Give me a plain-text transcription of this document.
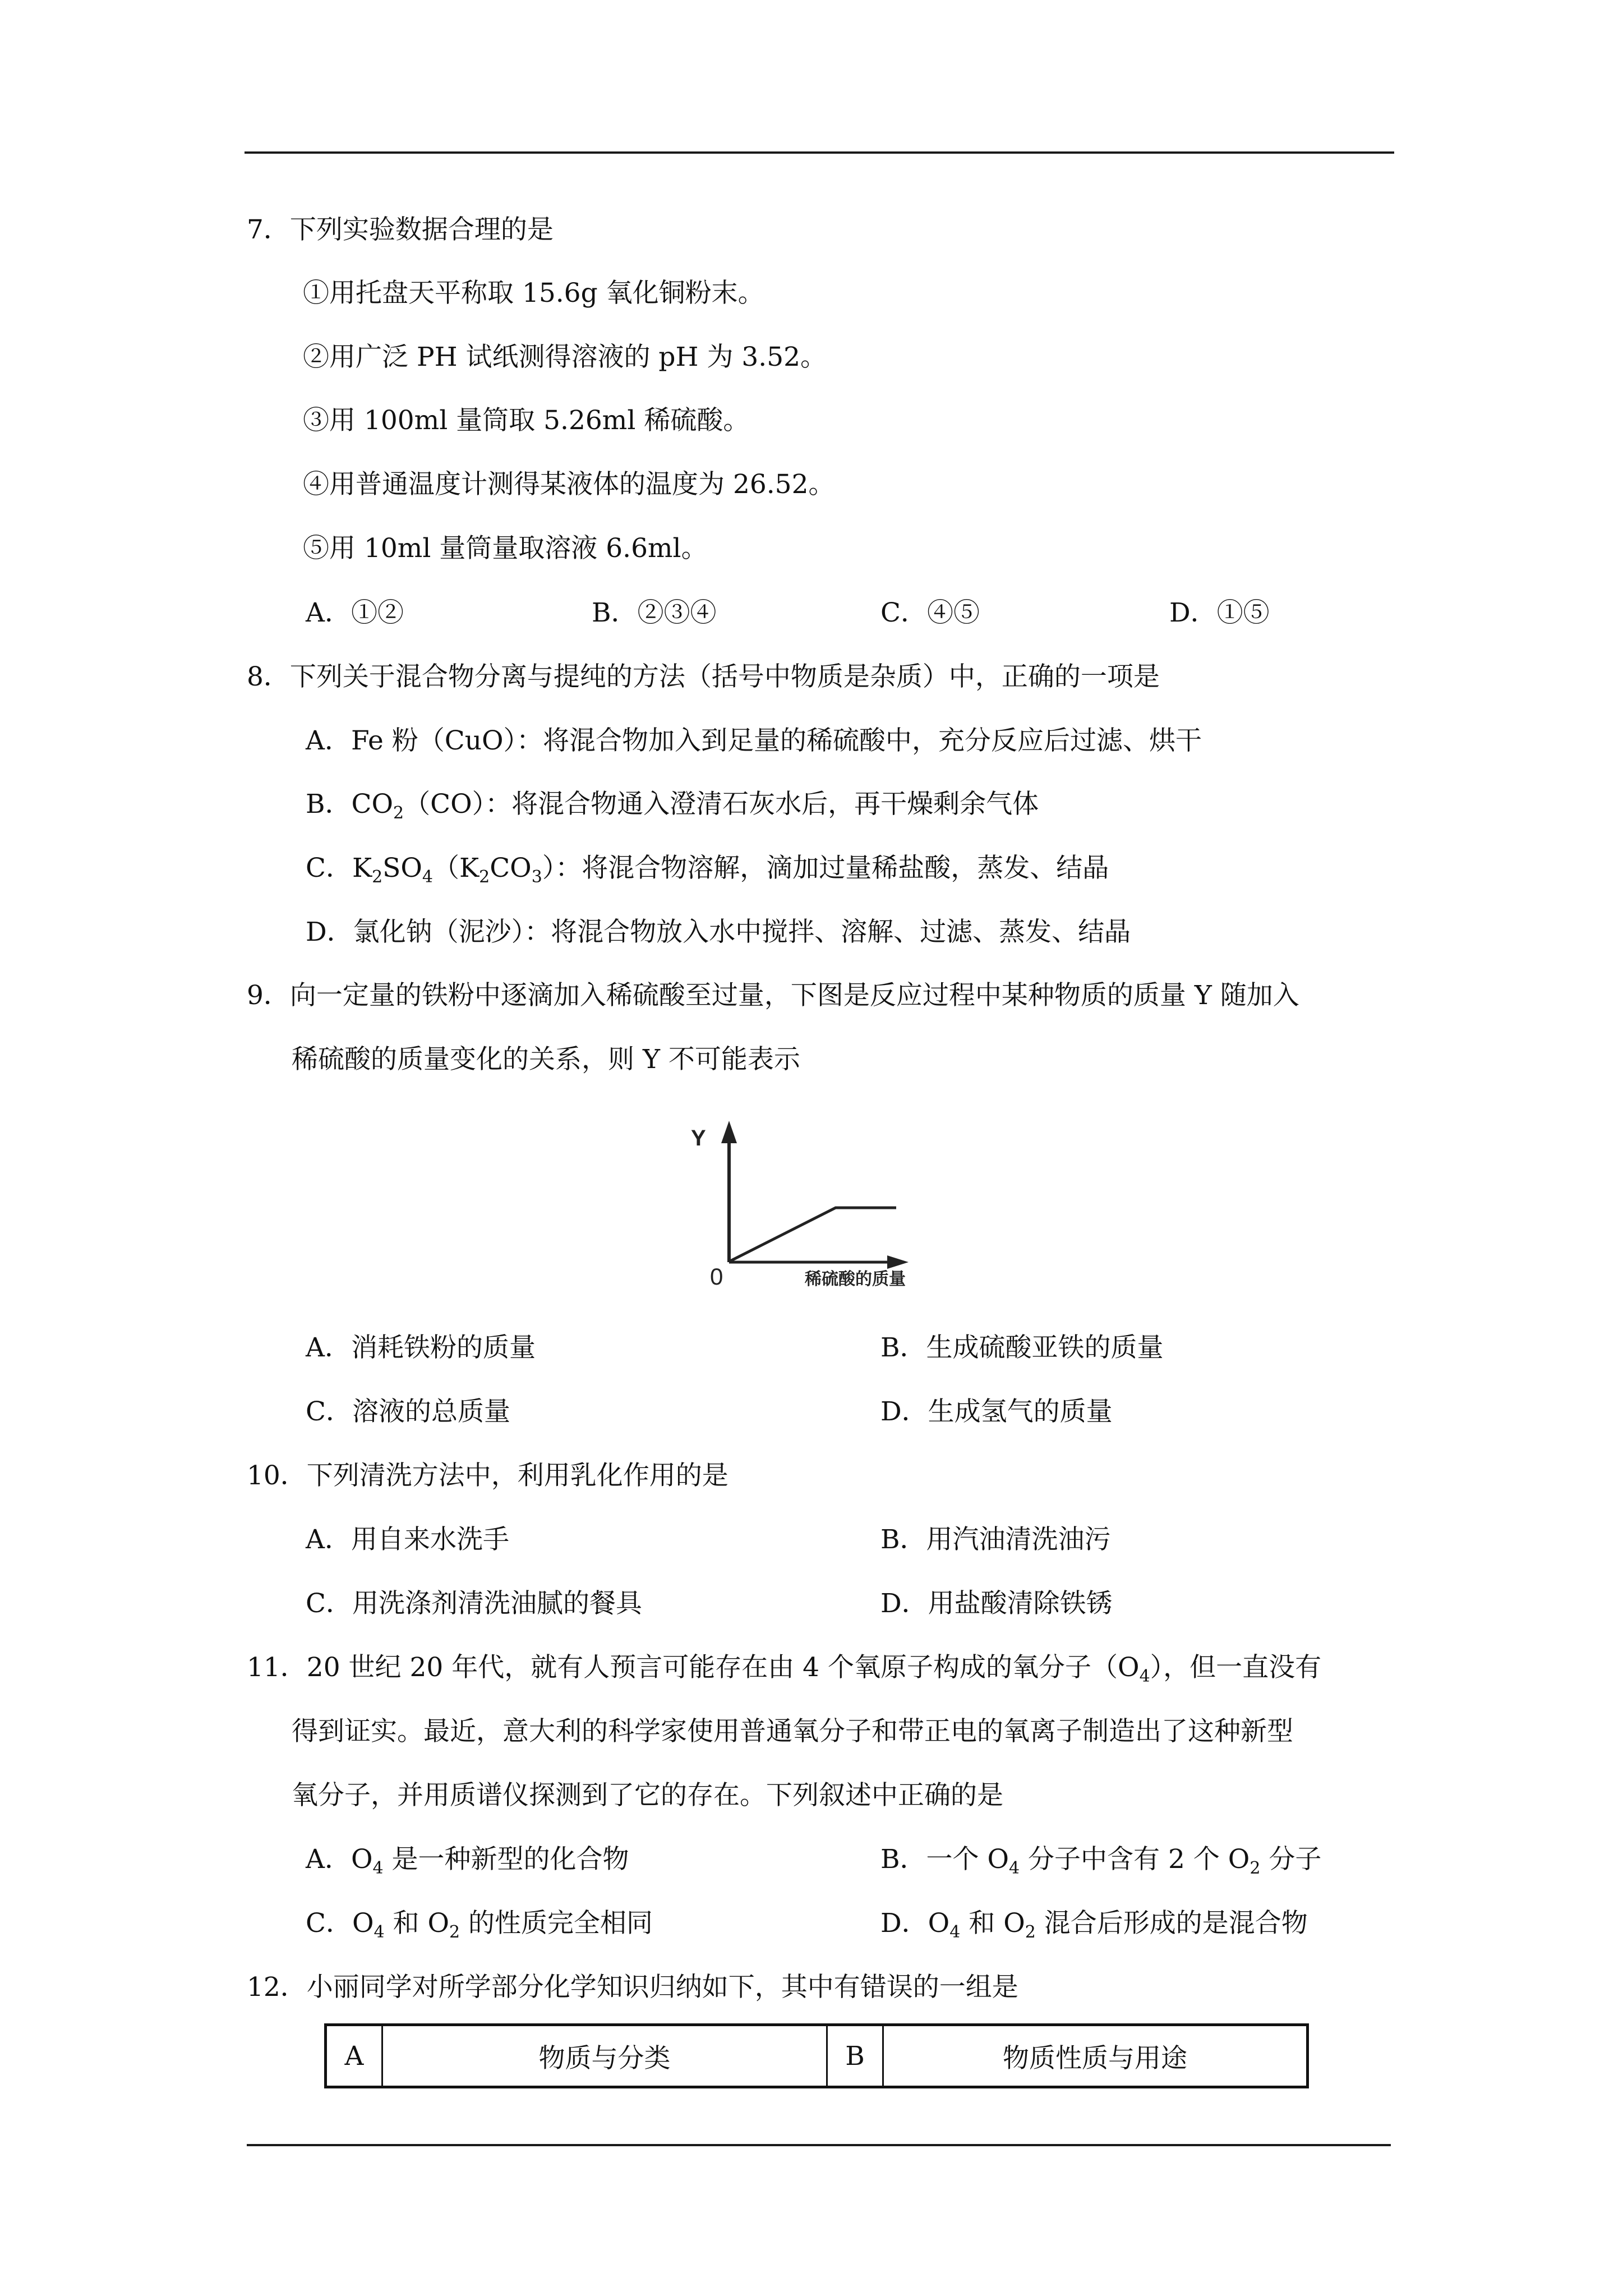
7．下列实验数据合理的是
①用托盘天平称取 15.6g 氧化铜粉末。
②用广泛 PH 试纸测得溶液的 pH 为 3.52。
③用 100ml 量筒取 5.26ml 稀硫酸。
④用普通温度计测得某液体的温度为 26.52。
⑤用 10ml 量筒量取溶液 6.6ml。
A．①②	B．②③④	C．④⑤	D．①⑤
8．下列关于混合物分离与提纯的方法（括号中物质是杂质）中，正确的一项是
A．Fe 粉（CuO）：将混合物加入到足量的稀硫酸中，充分反应后过滤、烘干
B．$CO_2(CO)$：将混合物通入澄清石灰水后，再干燥剩余气体
C．$K_2SO_4(K_2CO_3)$：将混合物溶解，滴加过量稀盐酸，蒸发、结晶
D．氯化钠（泥沙）：将混合物放入水中搅拌、溶解、过滤、蒸发、结晶
9．向一定量的铁粉中逐滴加入稀硫酸至过量，下图是反应过程中某种物质的质量 Y 随加入
稀硫酸的质量变化的关系，则 Y 不可能表示
Y
0	稀硫酸的质量
A．消耗铁粉的质量	B．生成硫酸亚铁的质量
C．溶液的总质量	D．生成氢气的质量
10．下列清洗方法中，利用乳化作用的是
A．用自来水洗手	B．用汽油清洗油污
C．用洗涤剂清洗油腻的餐具	D．用盐酸清除铁锈
11．20 世纪 20 年代，就有人预言可能存在由 4 个氧原子构成的氧分子$(O_4)$，但一直没有
得到证实。最近，意大利的科学家使用普通氧分子和带正电的氧离子制造出了这种新型
氧分子，并用质谱仪探测到了它的存在。下列叙述中正确的是
A．$O_4$ 是一种新型的化合物	B．一个 $O_4$ 分子中含有 2 个 $O_2$ 分子
C．$O_4$ 和 $O_2$ 的性质完全相同	D．$O_4$ 和 $O_2$ 混合后形成的是混合物
12．小丽同学对所学部分化学知识归纳如下，其中有错误的一组是
A	物质与分类	B	物质性质与用途
